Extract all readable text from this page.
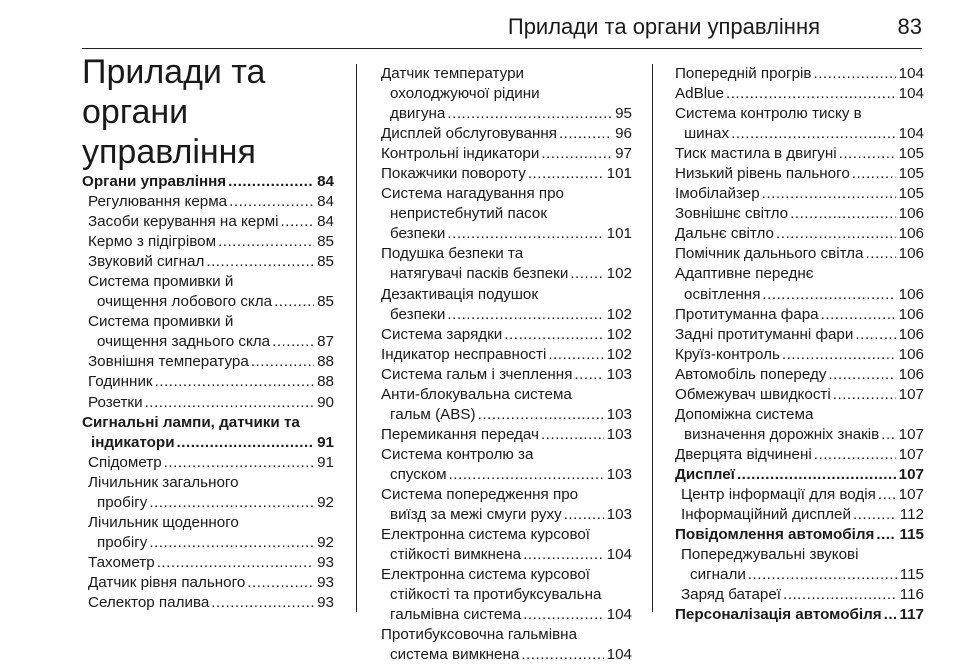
Прилади та органи управління	83
Прилади та органи
управління
Органи управління .....	84
Регулювання керма .....	84
Засоби керування на кермі .....	84
Кермо з підігрівом .....	85
Звуковий сигнал .....	85
Система промивки й
очищення лобового скла .....	85
Система промивки й
очищення заднього скла .....	87
Зовнішня температура .....	88
Годинник .....	88
Розетки .....	90
Сигнальні лампи, датчики та
індикатори .....	91
Спідометр .....	91
Лічильник загального
пробігу .....	92
Лічильник щоденного
пробігу .....	92
Тахометр .....	93
Датчик рівня пального .....	93
Селектор палива .....	93
Датчик температури
охолоджуючої рідини
двигуна .....	95
Дисплей обслуговування .....	96
Контрольні індикатори .....	97
Покажчики повороту .....	101
Система нагадування про
непристебнутий пасок
безпеки .....	101
Подушка безпеки та
натягувачі пасків безпеки .....	102
Дезактивація подушок
безпеки .....	102
Система зарядки .....	102
Індикатор несправності .....	102
Система гальм і зчеплення ..... 103
Анти-блокувальна система
гальм (ABS) .....	103
Перемикання передач .....	103
Система контролю за
спуском .....	103
Система попередження про
виїзд за межі смуги руху .....	103
Електронна система курсової
стійкості вимкнена .....	104
Електронна система курсової
стійкості та протибуксувальна
гальмівна система .....	104
Протибуксовочна гальмівна
система вимкнена .....	104
Попередній прогрів .....	104
AdBlue .....	104
Система контролю тиску в
шинах .....	104
Тиск мастила в двигуні .....	105
Низький рівень пального .....	105
Імобілайзер .....	105
Зовнішнє світло .....	106
Дальнє світло .....	106
Помічник дальнього світла ..... 106
Адаптивне переднє
освітлення .....	106
Протитуманна фара .....	106
Задні протитуманні фари .....	106
Круїз-контроль .....	106
Автомобіль попереду .....	106
Обмежувач швидкості .....	107
Допоміжна система
визначення дорожніх знаків ..... 107
Дверцята відчинені .....	107
Дисплеї .....	107
Центр інформації для водія ..... 107
Інформаційний дисплей .....	112
Повідомлення автомобіля ..... 115
Попереджувальні звукові
сигнали .....	115
Заряд батареї .....	116
Персоналізація автомобіля ..... 117
